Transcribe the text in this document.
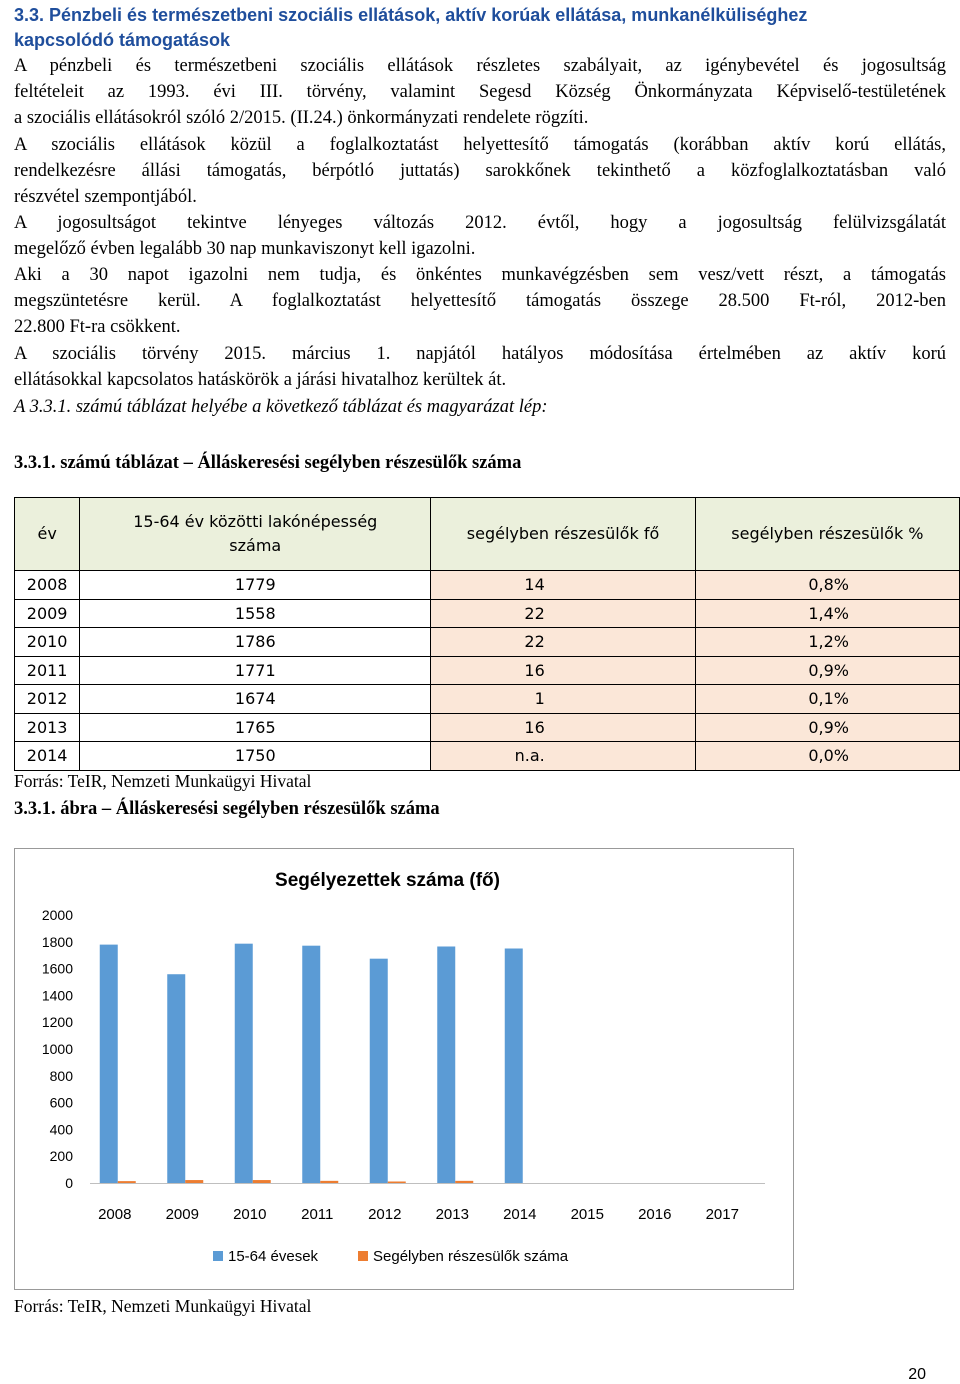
3.3. Pénzbeli és természetbeni szociális ellátások, aktív korúak ellátása, munkanélküliséghez
kapcsolódó támogatások
A pénzbeli és természetbeni szociális ellátások részletes szabályait, az igénybevétel és jogosultság
feltételeit az 1993. évi III. törvény, valamint Segesd Község Önkormányzata Képviselő-testületének
a szociális ellátásokról szóló 2/2015. (II.24.) önkormányzati rendelete rögzíti.
A szociális ellátások közül a foglalkoztatást helyettesítő támogatás (korábban aktív korú ellátás,
rendelkezésre állási támogatás, bérpótló juttatás) sarokkőnek tekinthető a közfoglalkoztatásban való
részvétel szempontjából.
A jogosultságot tekintve lényeges változás 2012. évtől, hogy a jogosultság felülvizsgálatát
megelőző évben legalább 30 nap munkaviszonyt kell igazolni.
Aki a 30 napot igazolni nem tudja, és önkéntes munkavégzésben sem vesz/vett részt, a támogatás
megszüntetésre kerül. A foglalkoztatást helyettesítő támogatás összege 28.500 Ft-ról, 2012-ben
22.800 Ft-ra csökkent.
A szociális törvény 2015. március 1. napjától hatályos módosítása értelmében az aktív korú
ellátásokkal kapcsolatos hatáskörök a járási hivatalhoz kerültek át.
A 3.3.1. számú táblázat helyébe a következő táblázat és magyarázat lép:
3.3.1. számú táblázat – Álláskeresési segélyben részesülők száma
év	15-64 év közötti lakónépesség száma	segélyben részesülők fő	segélyben részesülők %
2008	1779	14	0,8%
2009	1558	22	1,4%
2010	1786	22	1,2%
2011	1771	16	0,9%
2012	1674	1	0,1%
2013	1765	16	0,9%
2014	1750	n.a.	0,0%
Forrás: TeIR, Nemzeti Munkaügyi Hivatal
3.3.1. ábra – Álláskeresési segélyben részesülők száma
Segélyezettek száma (fő)
0
200
400
600
800
1000
1200
1400
1600
1800
2000
2008 2009 2010 2011 2012 2013 2014 2015 2016 2017
15-64 évesek	Segélyben részesülők száma
Forrás: TeIR, Nemzeti Munkaügyi Hivatal
20
